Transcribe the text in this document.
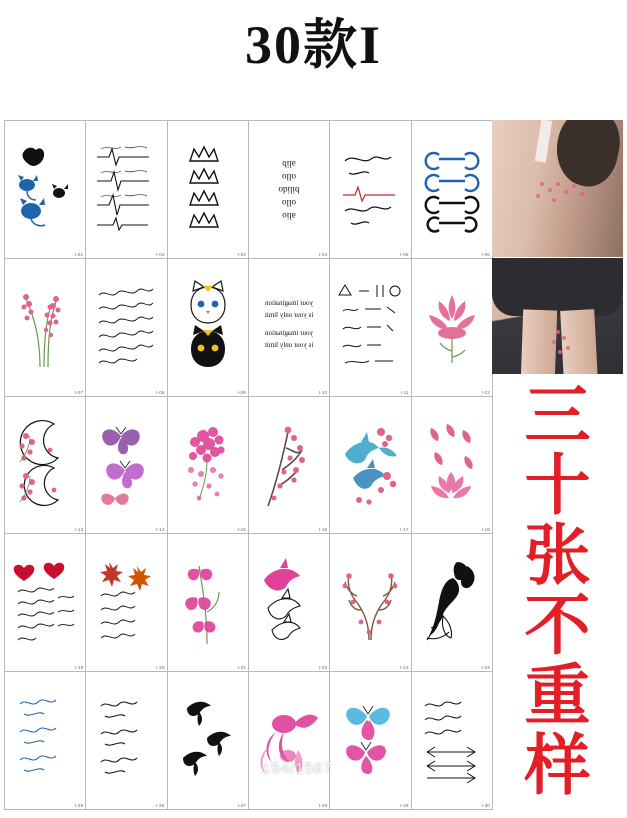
30款I
I-01	I-02	I-03
əlio
ollo
bilido
ollo
əlib
I-04	I-05	I-06
I-07	I-08	I-09
your imagination
is your only limit
your imagination
is your only limit
I-10	I-11	I-12
I-13	I-14	I-15	I-16	I-17	I-18
I-19	I-20	I-21	I-22	I-23	I-24
I-25	I-26	I-27	I-28	I-29	I-30
三
十
张
不
重
样
154/1567
